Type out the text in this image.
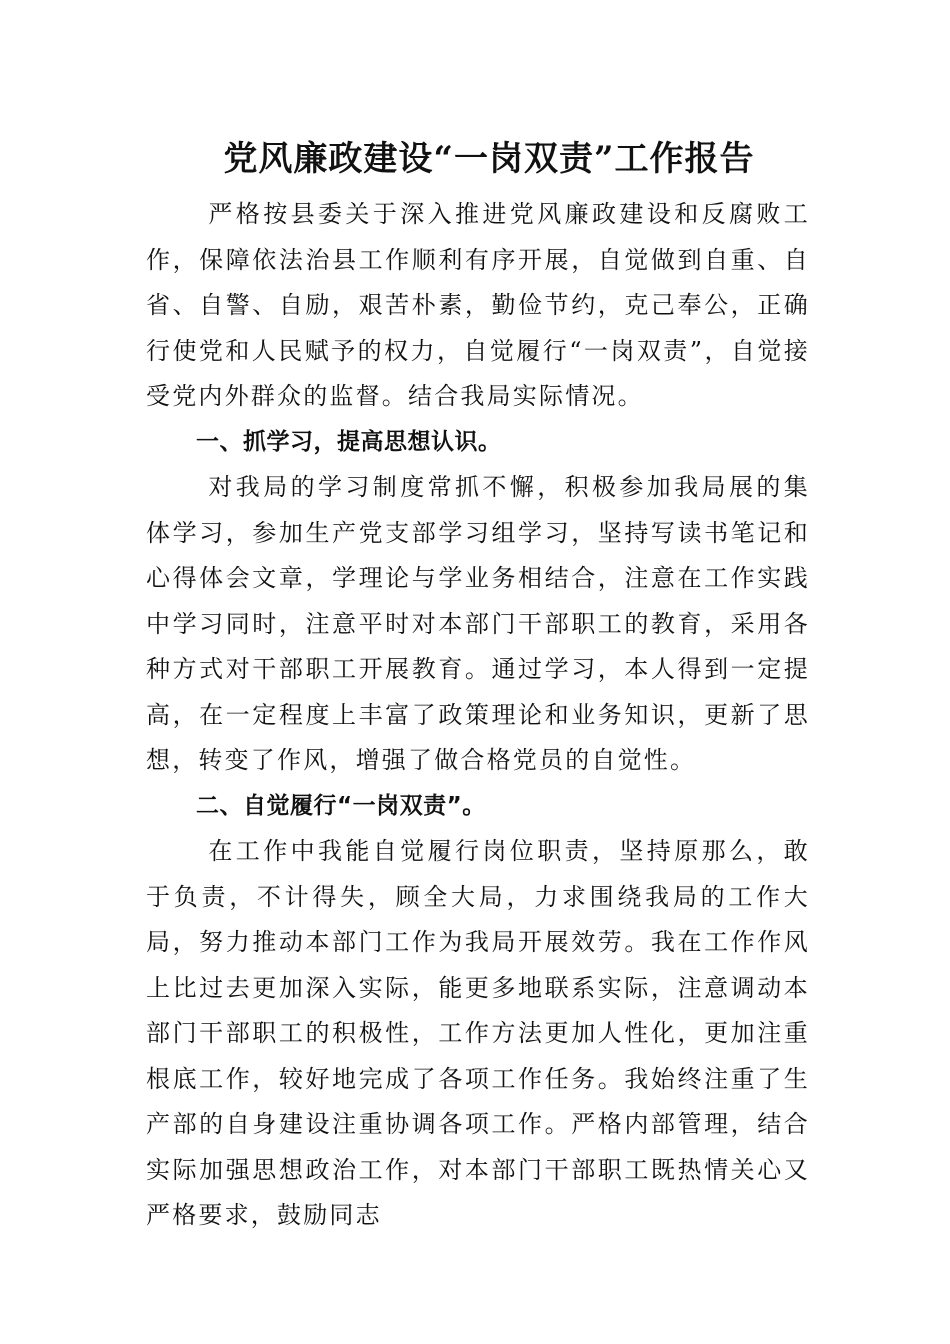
党风廉政建设“一岗双责”工作报告

严格按县委关于深入推进党风廉政建设和反腐败工作，保障依法治县工作顺利有序开展，自觉做到自重、自省、自警、自励，艰苦朴素，勤俭节约，克己奉公，正确行使党和人民赋予的权力，自觉履行“一岗双责”，自觉接受党内外群众的监督。结合我局实际情况。

一、抓学习，提高思想认识。

对我局的学习制度常抓不懈，积极参加我局展的集体学习，参加生产党支部学习组学习，坚持写读书笔记和心得体会文章，学理论与学业务相结合，注意在工作实践中学习同时，注意平时对本部门干部职工的教育，采用各种方式对干部职工开展教育。通过学习，本人得到一定提高，在一定程度上丰富了政策理论和业务知识，更新了思想，转变了作风，增强了做合格党员的自觉性。

二、自觉履行“一岗双责”。

在工作中我能自觉履行岗位职责，坚持原那么，敢于负责，不计得失，顾全大局，力求围绕我局的工作大局，努力推动本部门工作为我局开展效劳。我在工作作风上比过去更加深入实际，能更多地联系实际，注意调动本部门干部职工的积极性，工作方法更加人性化，更加注重根底工作，较好地完成了各项工作任务。我始终注重了生产部的自身建设注重协调各项工作。严格内部管理，结合实际加强思想政治工作，对本部门干部职工既热情关心又严格要求，鼓励同志
